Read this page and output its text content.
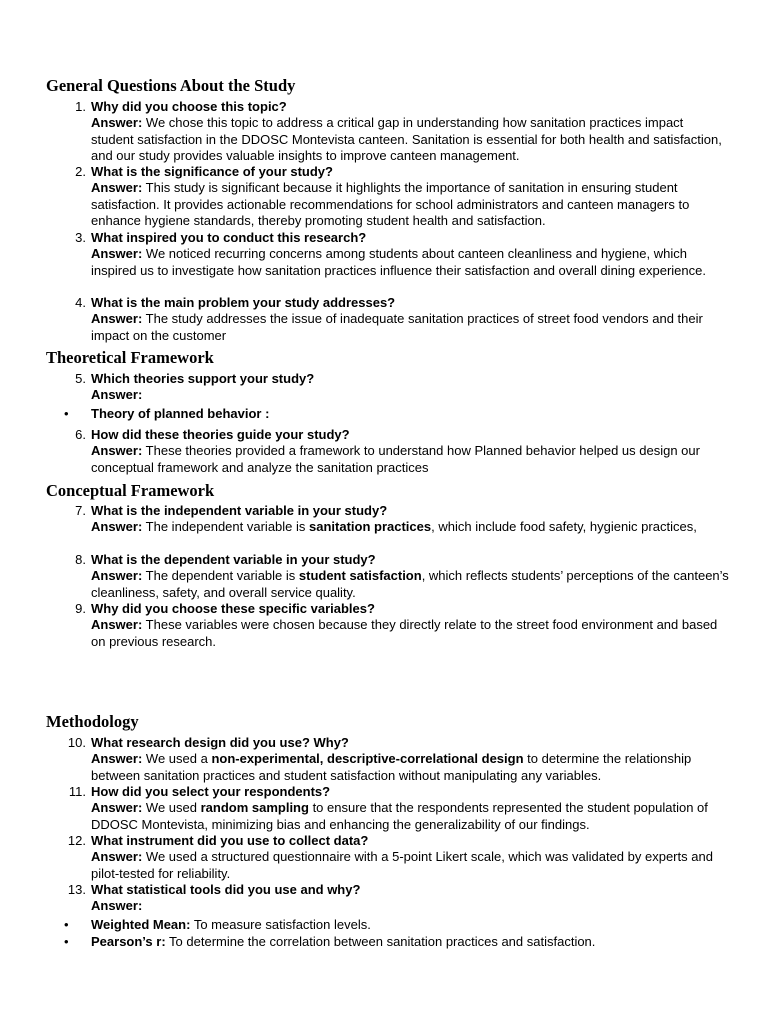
General Questions About the Study
1. Why did you choose this topic?
Answer: We chose this topic to address a critical gap in understanding how sanitation practices impact student satisfaction in the DDOSC Montevista canteen. Sanitation is essential for both health and satisfaction, and our study provides valuable insights to improve canteen management.
2. What is the significance of your study?
Answer: This study is significant because it highlights the importance of sanitation in ensuring student satisfaction. It provides actionable recommendations for school administrators and canteen managers to enhance hygiene standards, thereby promoting student health and satisfaction.
3. What inspired you to conduct this research?
Answer: We noticed recurring concerns among students about canteen cleanliness and hygiene, which inspired us to investigate how sanitation practices influence their satisfaction and overall dining experience.
4. What is the main problem your study addresses?
Answer: The study addresses the issue of inadequate sanitation practices of street food vendors and their impact on the customer
Theoretical Framework
5. Which theories support your study?
Answer:
• Theory of planned behavior :
6. How did these theories guide your study?
Answer: These theories provided a framework to understand how Planned behavior helped us design our conceptual framework and analyze the sanitation practices
Conceptual Framework
7. What is the independent variable in your study?
Answer: The independent variable is sanitation practices, which include food safety, hygienic practices,
8. What is the dependent variable in your study?
Answer: The dependent variable is student satisfaction, which reflects students’ perceptions of the canteen’s cleanliness, safety, and overall service quality.
9. Why did you choose these specific variables?
Answer: These variables were chosen because they directly relate to the street food environment and based on previous research.
Methodology
10. What research design did you use? Why?
Answer: We used a non-experimental, descriptive-correlational design to determine the relationship between sanitation practices and student satisfaction without manipulating any variables.
11. How did you select your respondents?
Answer: We used random sampling to ensure that the respondents represented the student population of DDOSC Montevista, minimizing bias and enhancing the generalizability of our findings.
12. What instrument did you use to collect data?
Answer: We used a structured questionnaire with a 5-point Likert scale, which was validated by experts and pilot-tested for reliability.
13. What statistical tools did you use and why?
Answer:
• Weighted Mean: To measure satisfaction levels.
• Pearson’s r: To determine the correlation between sanitation practices and satisfaction.
